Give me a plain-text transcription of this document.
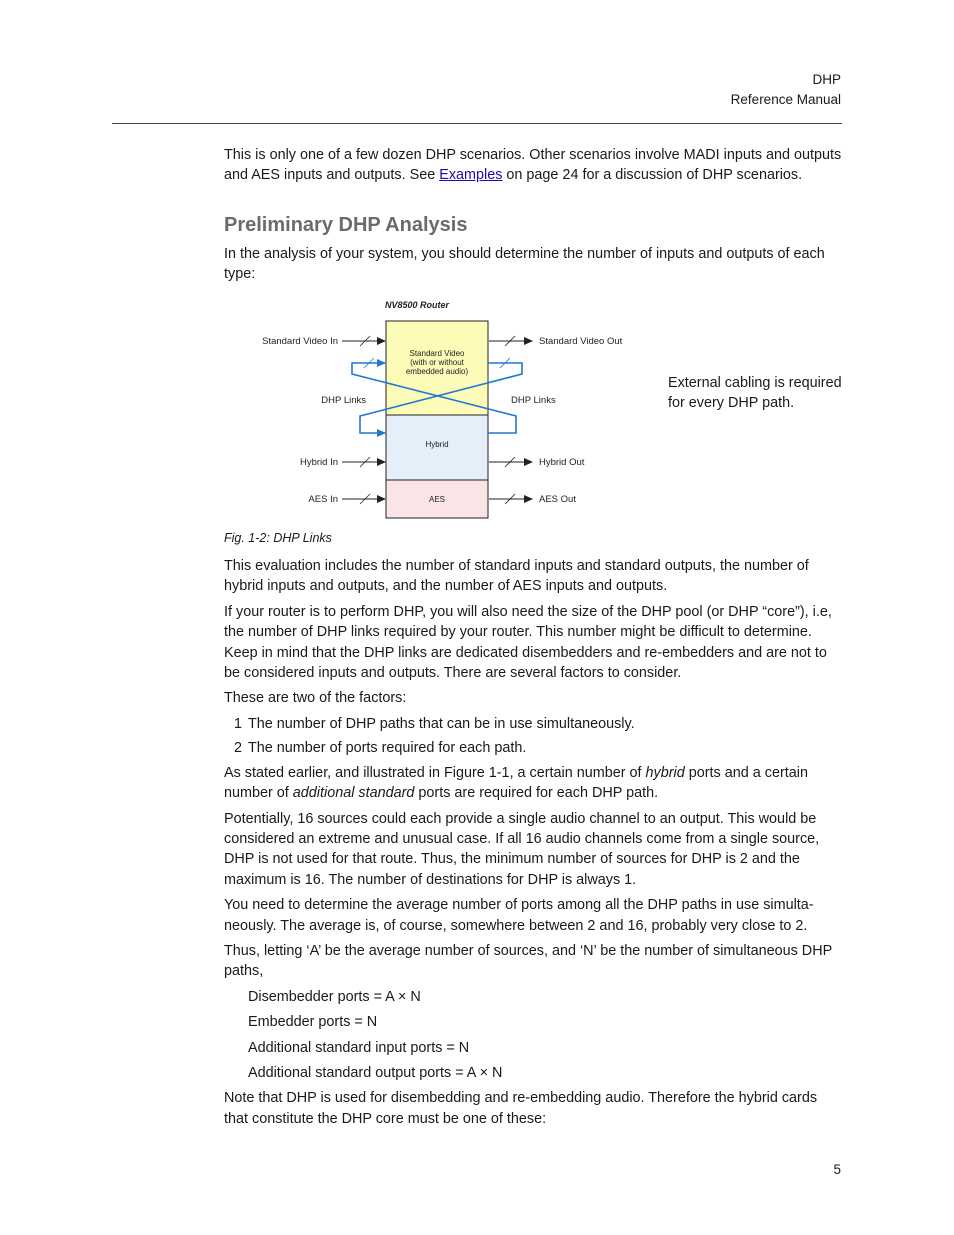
DHP
Reference Manual

This is only one of a few dozen DHP scenarios. Other scenarios involve MADI inputs and outputs and AES inputs and outputs. See Examples on page 24 for a discussion of DHP scenarios.

Preliminary DHP Analysis

In the analysis of your system, you should determine the number of inputs and outputs of each type:

NV8500 Router
Standard Video
(with or without
embedded audio)
Hybrid
AES
Standard Video In	Standard Video Out
DHP Links	DHP Links
Hybrid In	Hybrid Out
AES In	AES Out
External cabling is required for every DHP path.
Fig. 1-2: DHP Links

This evaluation includes the number of standard inputs and standard outputs, the number of hybrid inputs and outputs, and the number of AES inputs and outputs.

If your router is to perform DHP, you will also need the size of the DHP pool (or DHP “core”), i.e, the number of DHP links required by your router. This number might be difficult to determine. Keep in mind that the DHP links are dedicated disembedders and re-embedders and are not to be considered inputs and outputs. There are several factors to consider.

These are two of the factors:

1 The number of DHP paths that can be in use simultaneously.
2 The number of ports required for each path.

As stated earlier, and illustrated in Figure 1-1, a certain number of hybrid ports and a certain number of additional standard ports are required for each DHP path.

Potentially, 16 sources could each provide a single audio channel to an output. This would be considered an extreme and unusual case. If all 16 audio channels come from a single source, DHP is not used for that route. Thus, the minimum number of sources for DHP is 2 and the maximum is 16. The number of destinations for DHP is always 1.

You need to determine the average number of ports among all the DHP paths in use simulta-neously. The average is, of course, somewhere between 2 and 16, probably very close to 2.

Thus, letting ‘A’ be the average number of sources, and ‘N’ be the number of simultaneous DHP paths,

Disembedder ports = A × N

Embedder ports = N

Additional standard input ports = N

Additional standard output ports = A × N

Note that DHP is used for disembedding and re-embedding audio. Therefore the hybrid cards that constitute the DHP core must be one of these:

5
